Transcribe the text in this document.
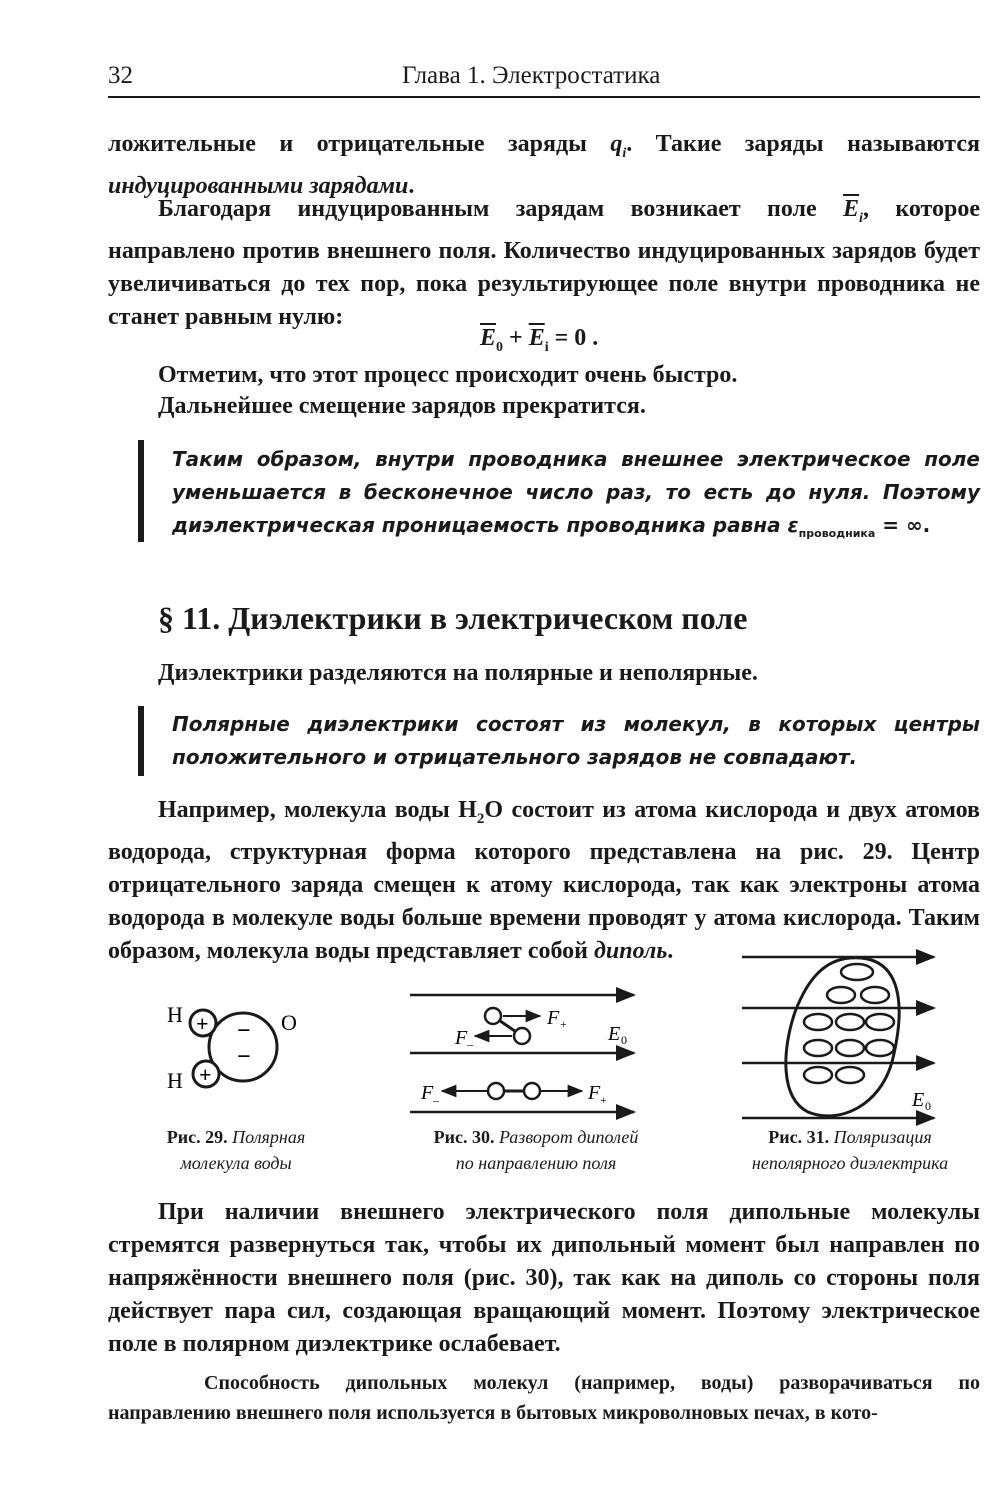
32	Глава 1. Электростатика
ложительные и отрицательные заряды $q_i$. Такие заряды называются индуцированными зарядами.
Благодаря индуцированным зарядам возникает поле $\overline{E}_i$, которое направлено против внешнего поля. Количество индуцированных зарядов будет увеличиваться до тех пор, пока результирующее поле внутри проводника не станет равным нулю:
$\overline{E}_0 + \overline{E}_i = 0$ .
Отметим, что этот процесс происходит очень быстро.
Дальнейшее смещение зарядов прекратится.
Таким образом, внутри проводника внешнее электрическое поле уменьшается в бесконечное число раз, то есть до нуля. Поэтому диэлектрическая проницаемость проводника равна $\varepsilon_{проводника}$ = ∞.
§ 11. Диэлектрики в электрическом поле
Диэлектрики разделяются на полярные и неполярные.
Полярные диэлектрики состоят из молекул, в которых центры положительного и отрицательного зарядов не совпадают.
Например, молекула воды $H_2O$ состоит из атома кислорода и двух атомов водорода, структурная форма которого представлена на рис. 29. Центр отрицательного заряда смещен к атому кислорода, так как электроны атома водорода в молекуле воды больше времени проводят у атома кислорода. Таким образом, молекула воды представляет собой диполь.
+
+
−
−
H
H
O	F +
F –	E 0
F +
F –	E 0
Рис. 29. Полярная
молекула воды
Рис. 30. Разворот диполей
по направлению поля
Рис. 31. Поляризация
неполярного диэлектрика
При наличии внешнего электрического поля дипольные молекулы стремятся развернуться так, чтобы их дипольный момент был направлен по напряжённости внешнего поля (рис. 30), так как на диполь со стороны поля действует пара сил, создающая вращающий момент. Поэтому электрическое поле в полярном диэлектрике ослабевает.
Способность дипольных молекул (например, воды) разворачиваться по направлению внешнего поля используется в бытовых микроволновых печах, в кото-
